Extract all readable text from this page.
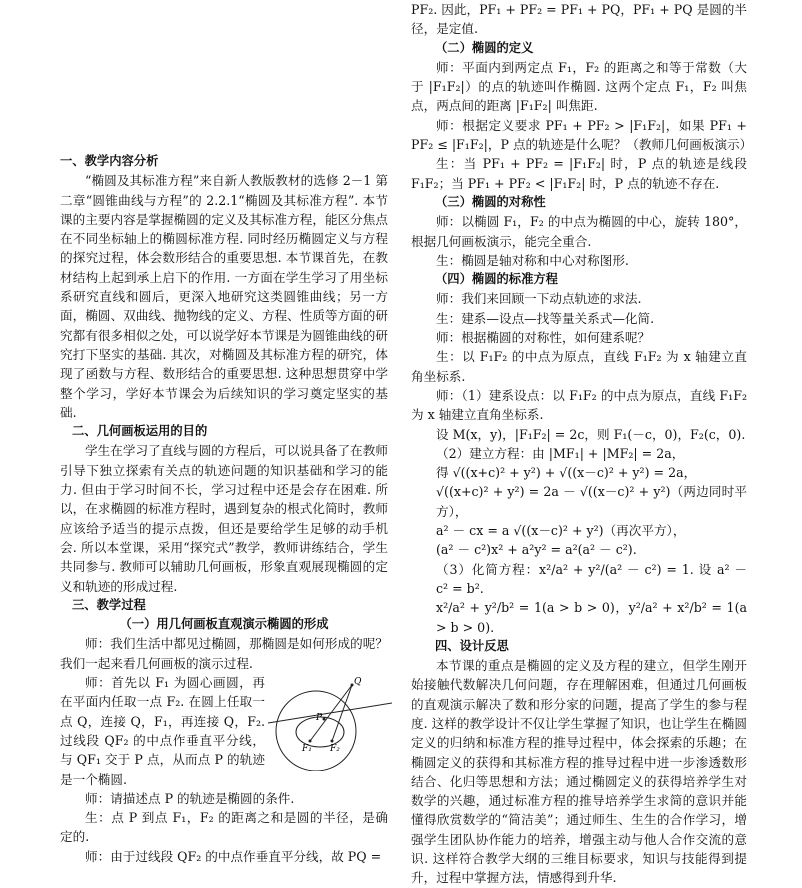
一、教学内容分析

“椭圆及其标准方程”来自新人教版教材的选修 2－1 第二章“圆锥曲线与方程”的 2.2.1“椭圆及其标准方程”. 本节课的主要内容是掌握椭圆的定义及其标准方程，能区分焦点在不同坐标轴上的椭圆标准方程. 同时经历椭圆定义与方程的探究过程，体会数形结合的重要思想. 本节课首先，在教材结构上起到承上启下的作用. 一方面在学生学习了用坐标系研究直线和圆后，更深入地研究这类圆锥曲线；另一方面，椭圆、双曲线、抛物线的定义、方程、性质等方面的研究都有很多相似之处，可以说学好本节课是为圆锥曲线的研究打下坚实的基础. 其次，对椭圆及其标准方程的研究，体现了函数与方程、数形结合的重要思想. 这种思想贯穿中学整个学习，学好本节课会为后续知识的学习奠定坚实的基础.

二、几何画板运用的目的

学生在学习了直线与圆的方程后，可以说具备了在教师引导下独立探索有关点的轨迹问题的知识基础和学习的能力. 但由于学习时间不长，学习过程中还是会存在困难. 所以，在求椭圆的标准方程时，遇到复杂的根式化简时，教师应该给予适当的提示点拨，但还是要给学生足够的动手机会. 所以本堂课，采用“探究式”教学，教师讲练结合，学生共同参与. 教师可以辅助几何画板，形象直观展现椭圆的定义和轨迹的形成过程.

三、教学过程

（一）用几何画板直观演示椭圆的形成

师：我们生活中都见过椭圆，那椭圆是如何形成的呢？我们一起来看几何画板的演示过程.

师：首先以 F₁ 为圆心画圆，再在平面内任取一点 F₂. 在圆上任取一点 Q，连接 Q，F₁，再连接 Q，F₂. 过线段 QF₂ 的中点作垂直平分线，与 QF₁ 交于 P 点，从而点 P 的轨迹是一个椭圆.

Q
P
F₁ F₂

师：请描述点 P 的轨迹是椭圆的条件.

生：点 P 到点 F₁，F₂ 的距离之和是圆的半径，是确定的.

师：由于过线段 QF₂ 的中点作垂直平分线，故 PQ =

PF₂. 因此，PF₁ + PF₂ = PF₁ + PQ，PF₁ + PQ 是圆的半径，是定值.

（二）椭圆的定义

师：平面内到两定点 F₁，F₂ 的距离之和等于常数（大于 |F₁F₂|）的点的轨迹叫作椭圆. 这两个定点 F₁，F₂ 叫焦点，两点间的距离 |F₁F₂| 叫焦距.

师：根据定义要求 PF₁ + PF₂ > |F₁F₂|，如果 PF₁ + PF₂ ≤ |F₁F₂|，P 点的轨迹是什么呢？（教师几何画板演示）

生：当 PF₁ + PF₂ = |F₁F₂| 时，P 点的轨迹是线段 F₁F₂；当 PF₁ + PF₂ < |F₁F₂| 时，P 点的轨迹不存在.

（三）椭圆的对称性

师：以椭圆 F₁，F₂ 的中点为椭圆的中心，旋转 180°，根据几何画板演示，能完全重合.

生：椭圆是轴对称和中心对称图形.

（四）椭圆的标准方程

师：我们来回顾一下动点轨迹的求法.

生：建系—设点—找等量关系式—化简.

师：根据椭圆的对称性，如何建系呢？

生：以 F₁F₂ 的中点为原点，直线 F₁F₂ 为 x 轴建立直角坐标系.

师：（1）建系设点：以 F₁F₂ 的中点为原点，直线 F₁F₂ 为 x 轴建立直角坐标系.

设 M(x，y)，|F₁F₂| = 2c，则 F₁(－c，0)，F₂(c，0).

（2）建立方程：由 |MF₁| + |MF₂| = 2a，

得 √((x+c)² + y²) + √((x－c)² + y²) = 2a，

√((x+c)² + y²) = 2a － √((x－c)² + y²)（两边同时平方），

a² － cx = a √((x－c)² + y²)（再次平方），

(a² － c²)x² + a²y² = a²(a² － c²).

（3）化简方程：x²/a² + y²/(a² － c²) = 1. 设 a² － c² = b².

x²/a² + y²/b² = 1(a > b > 0)，y²/a² + x²/b² = 1(a > b > 0).

四、设计反思

本节课的重点是椭圆的定义及方程的建立，但学生刚开始接触代数解决几何问题，存在理解困难，但通过几何画板的直观演示解决了数和形分家的问题，提高了学生的参与程度. 这样的教学设计不仅让学生掌握了知识，也让学生在椭圆定义的归纳和标准方程的推导过程中，体会探索的乐趣；在椭圆定义的获得和其标准方程的推导过程中进一步渗透数形结合、化归等思想和方法；通过椭圆定义的获得培养学生对数学的兴趣，通过标准方程的推导培养学生求简的意识并能懂得欣赏数学的“简洁美”；通过师生、生生的合作学习，增强学生团队协作能力的培养，增强主动与他人合作交流的意识. 这样符合教学大纲的三维目标要求，知识与技能得到提升，过程中掌握方法，情感得到升华.
